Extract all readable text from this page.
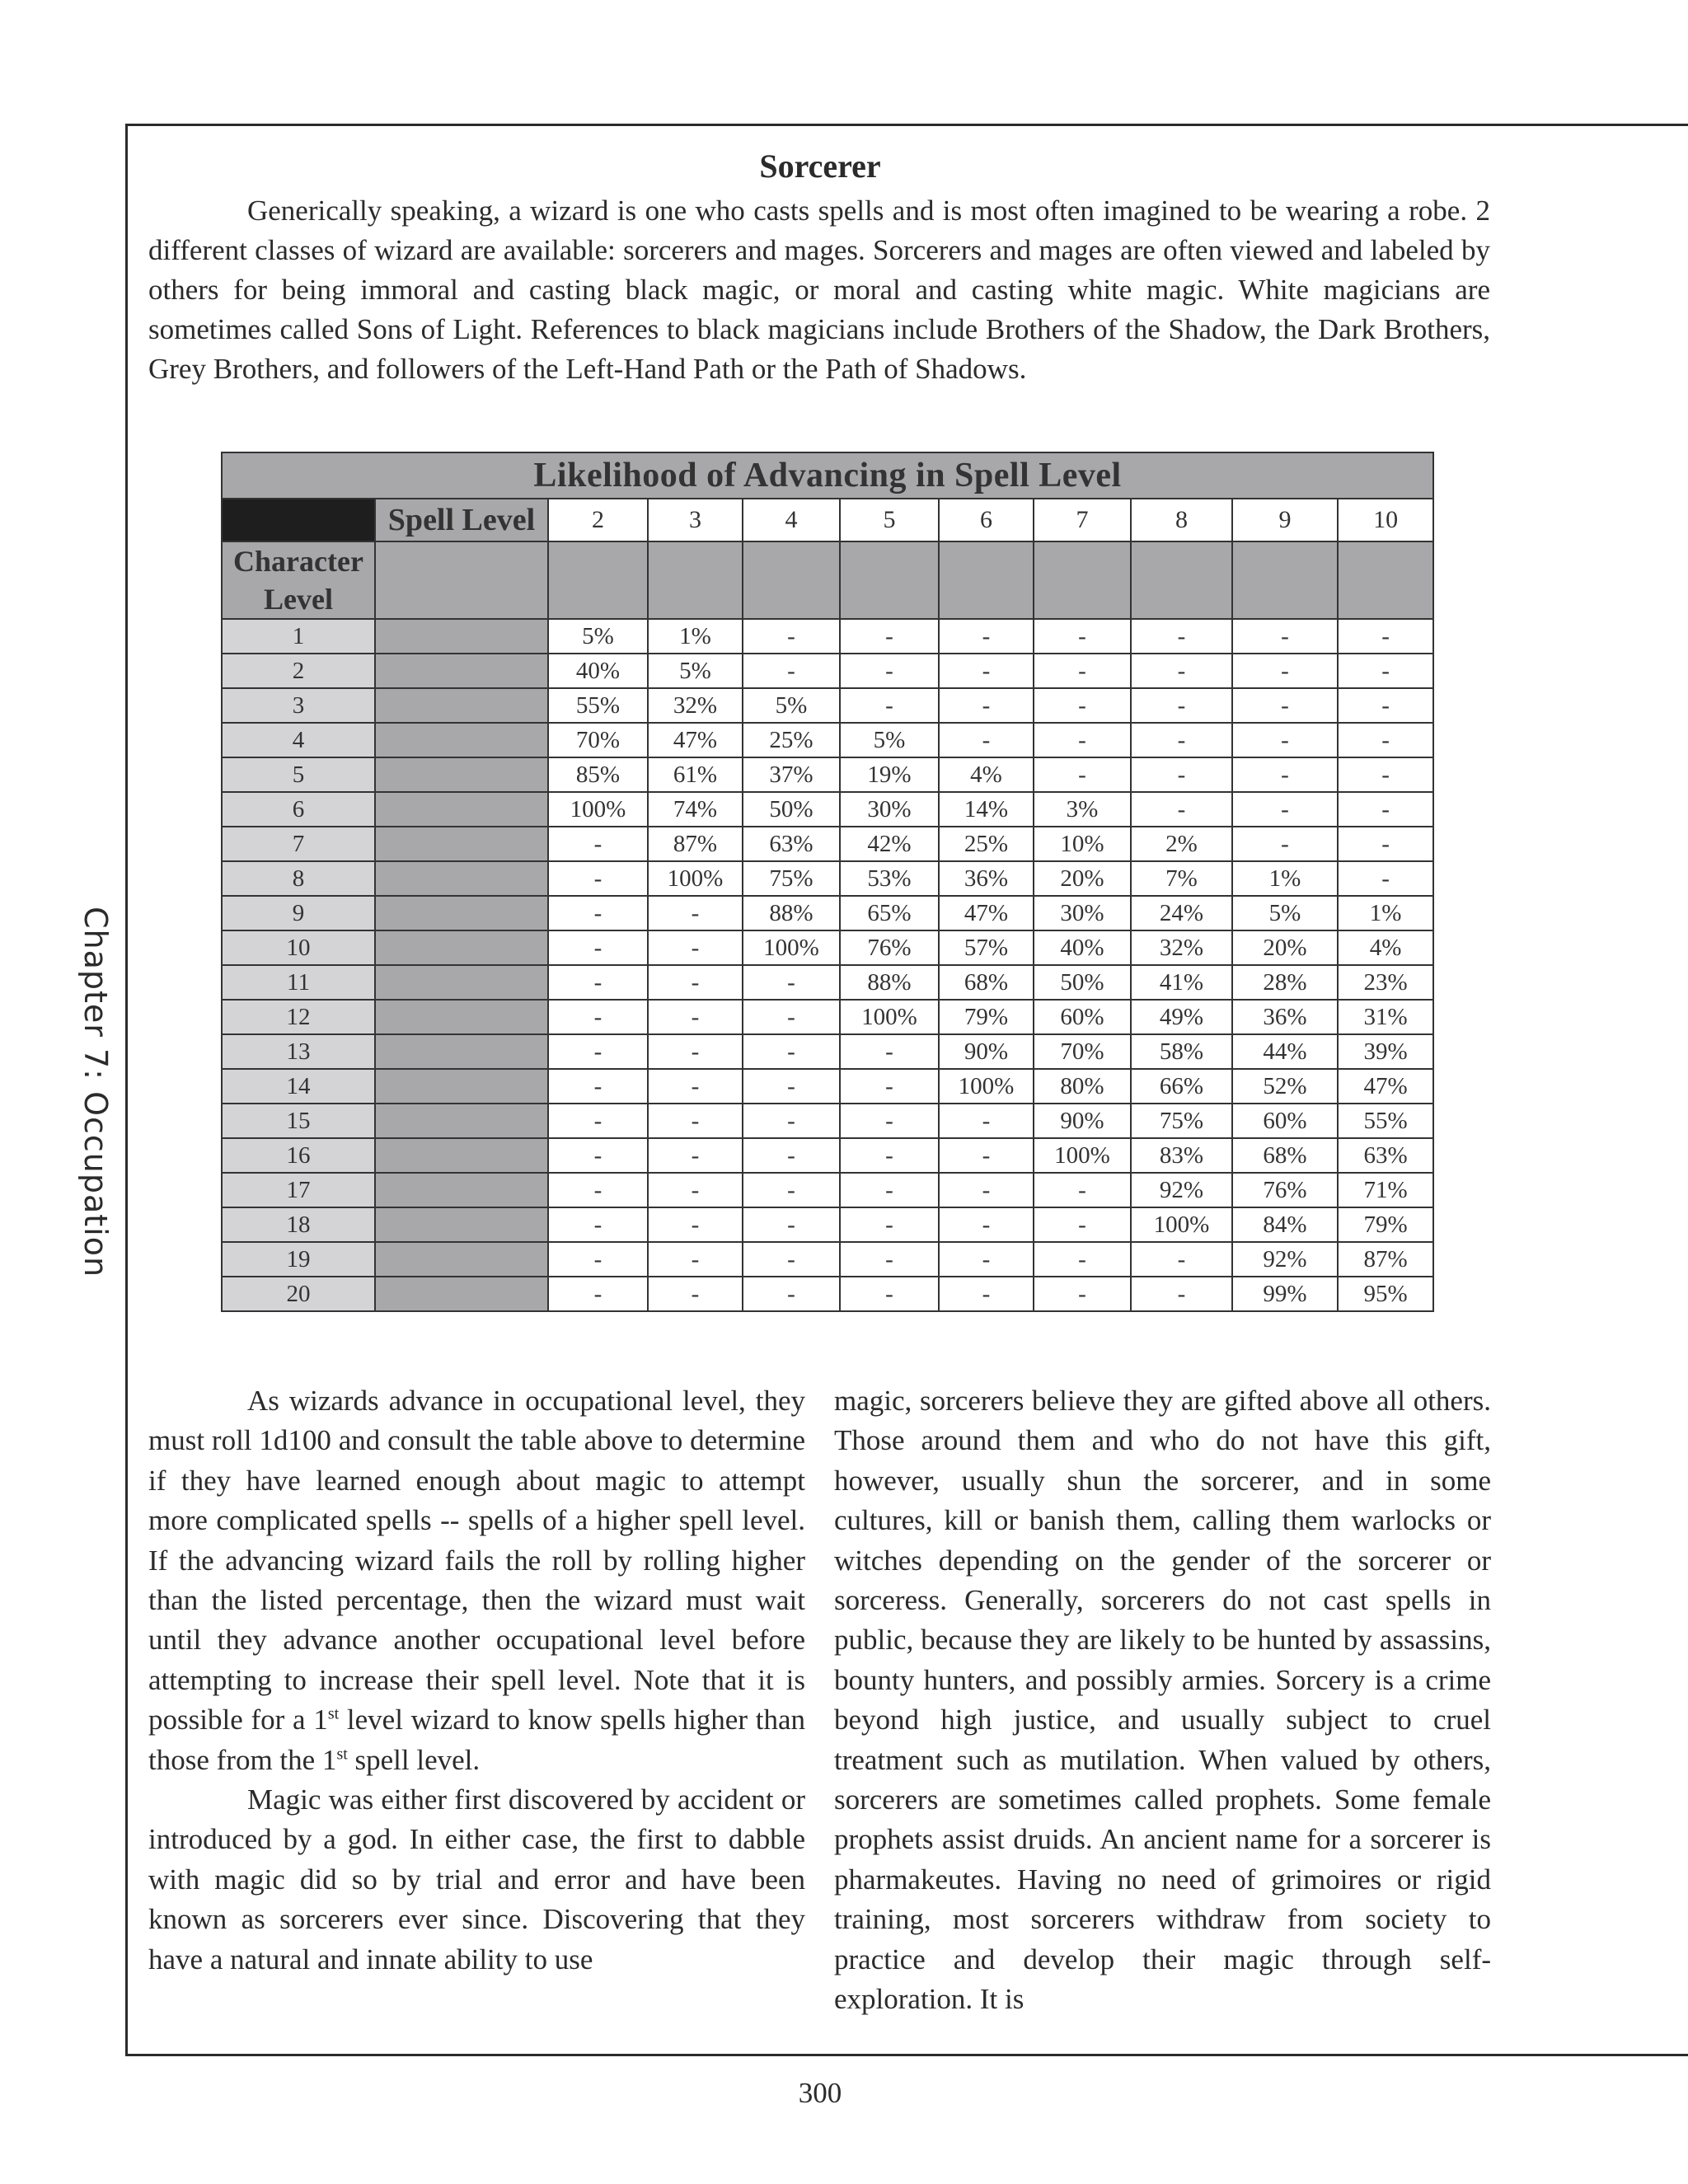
Chapter 7: Occupation
Sorcerer

Generically speaking, a wizard is one who casts spells and is most often imagined to be wearing a robe. 2 different classes of wizard are available: sorcerers and mages. Sorcerers and mages are often viewed and labeled by others for being immoral and casting black magic, or moral and casting white magic. White magicians are sometimes called Sons of Light. References to black magicians include Brothers of the Shadow, the Dark Brothers, Grey Brothers, and followers of the Left-Hand Path or the Path of Shadows.

Likelihood of Advancing in Spell Level										
	Spell Level	2	3	4	5	6	7	8	9	10

Character
Level										

1		5%	1%	-	-	-	-	-	-	-
2		40%	5%	-	-	-	-	-	-	-
3		55%	32%	5%	-	-	-	-	-	-
4		70%	47%	25%	5%	-	-	-	-	-
5		85%	61%	37%	19%	4%	-	-	-	-
6		100%	74%	50%	30%	14%	3%	-	-	-
7		-	87%	63%	42%	25%	10%	2%	-	-
8		-	100%	75%	53%	36%	20%	7%	1%	-
9		-	-	88%	65%	47%	30%	24%	5%	1%
10		-	-	100%	76%	57%	40%	32%	20%	4%
11		-	-	-	88%	68%	50%	41%	28%	23%
12		-	-	-	100%	79%	60%	49%	36%	31%
13		-	-	-	-	90%	70%	58%	44%	39%
14		-	-	-	-	100%	80%	66%	52%	47%
15		-	-	-	-	-	90%	75%	60%	55%
16		-	-	-	-	-	100%	83%	68%	63%
17		-	-	-	-	-	-	92%	76%	71%
18		-	-	-	-	-	-	100%	84%	79%
19		-	-	-	-	-	-	-	92%	87%
20		-	-	-	-	-	-	-	99%	95%

As wizards advance in occupational level, they must roll 1d100 and consult the table above to determine if they have learned enough about magic to attempt more complicated spells -- spells of a higher spell level. If the advancing wizard fails the roll by rolling higher than the listed percentage, then the wizard must wait until they advance another occupational level before attempting to increase their spell level. Note that it is possible for a 1st level wizard to know spells higher than those from the 1st spell level.

Magic was either first discovered by accident or introduced by a god. In either case, the first to dabble with magic did so by trial and error and have been known as sorcerers ever since. Discovering that they have a natural and innate ability to use

magic, sorcerers believe they are gifted above all others. Those around them and who do not have this gift, however, usually shun the sorcerer, and in some cultures, kill or banish them, calling them warlocks or witches depending on the gender of the sorcerer or sorceress. Generally, sorcerers do not cast spells in public, because they are likely to be hunted by assassins, bounty hunters, and possibly armies. Sorcery is a crime beyond high justice, and usually subject to cruel treatment such as mutilation. When valued by others, sorcerers are sometimes called prophets. Some female prophets assist druids. An ancient name for a sorcerer is pharmakeutes. Having no need of grimoires or rigid training, most sorcerers withdraw from society to practice and develop their magic through self-exploration. It is

300
